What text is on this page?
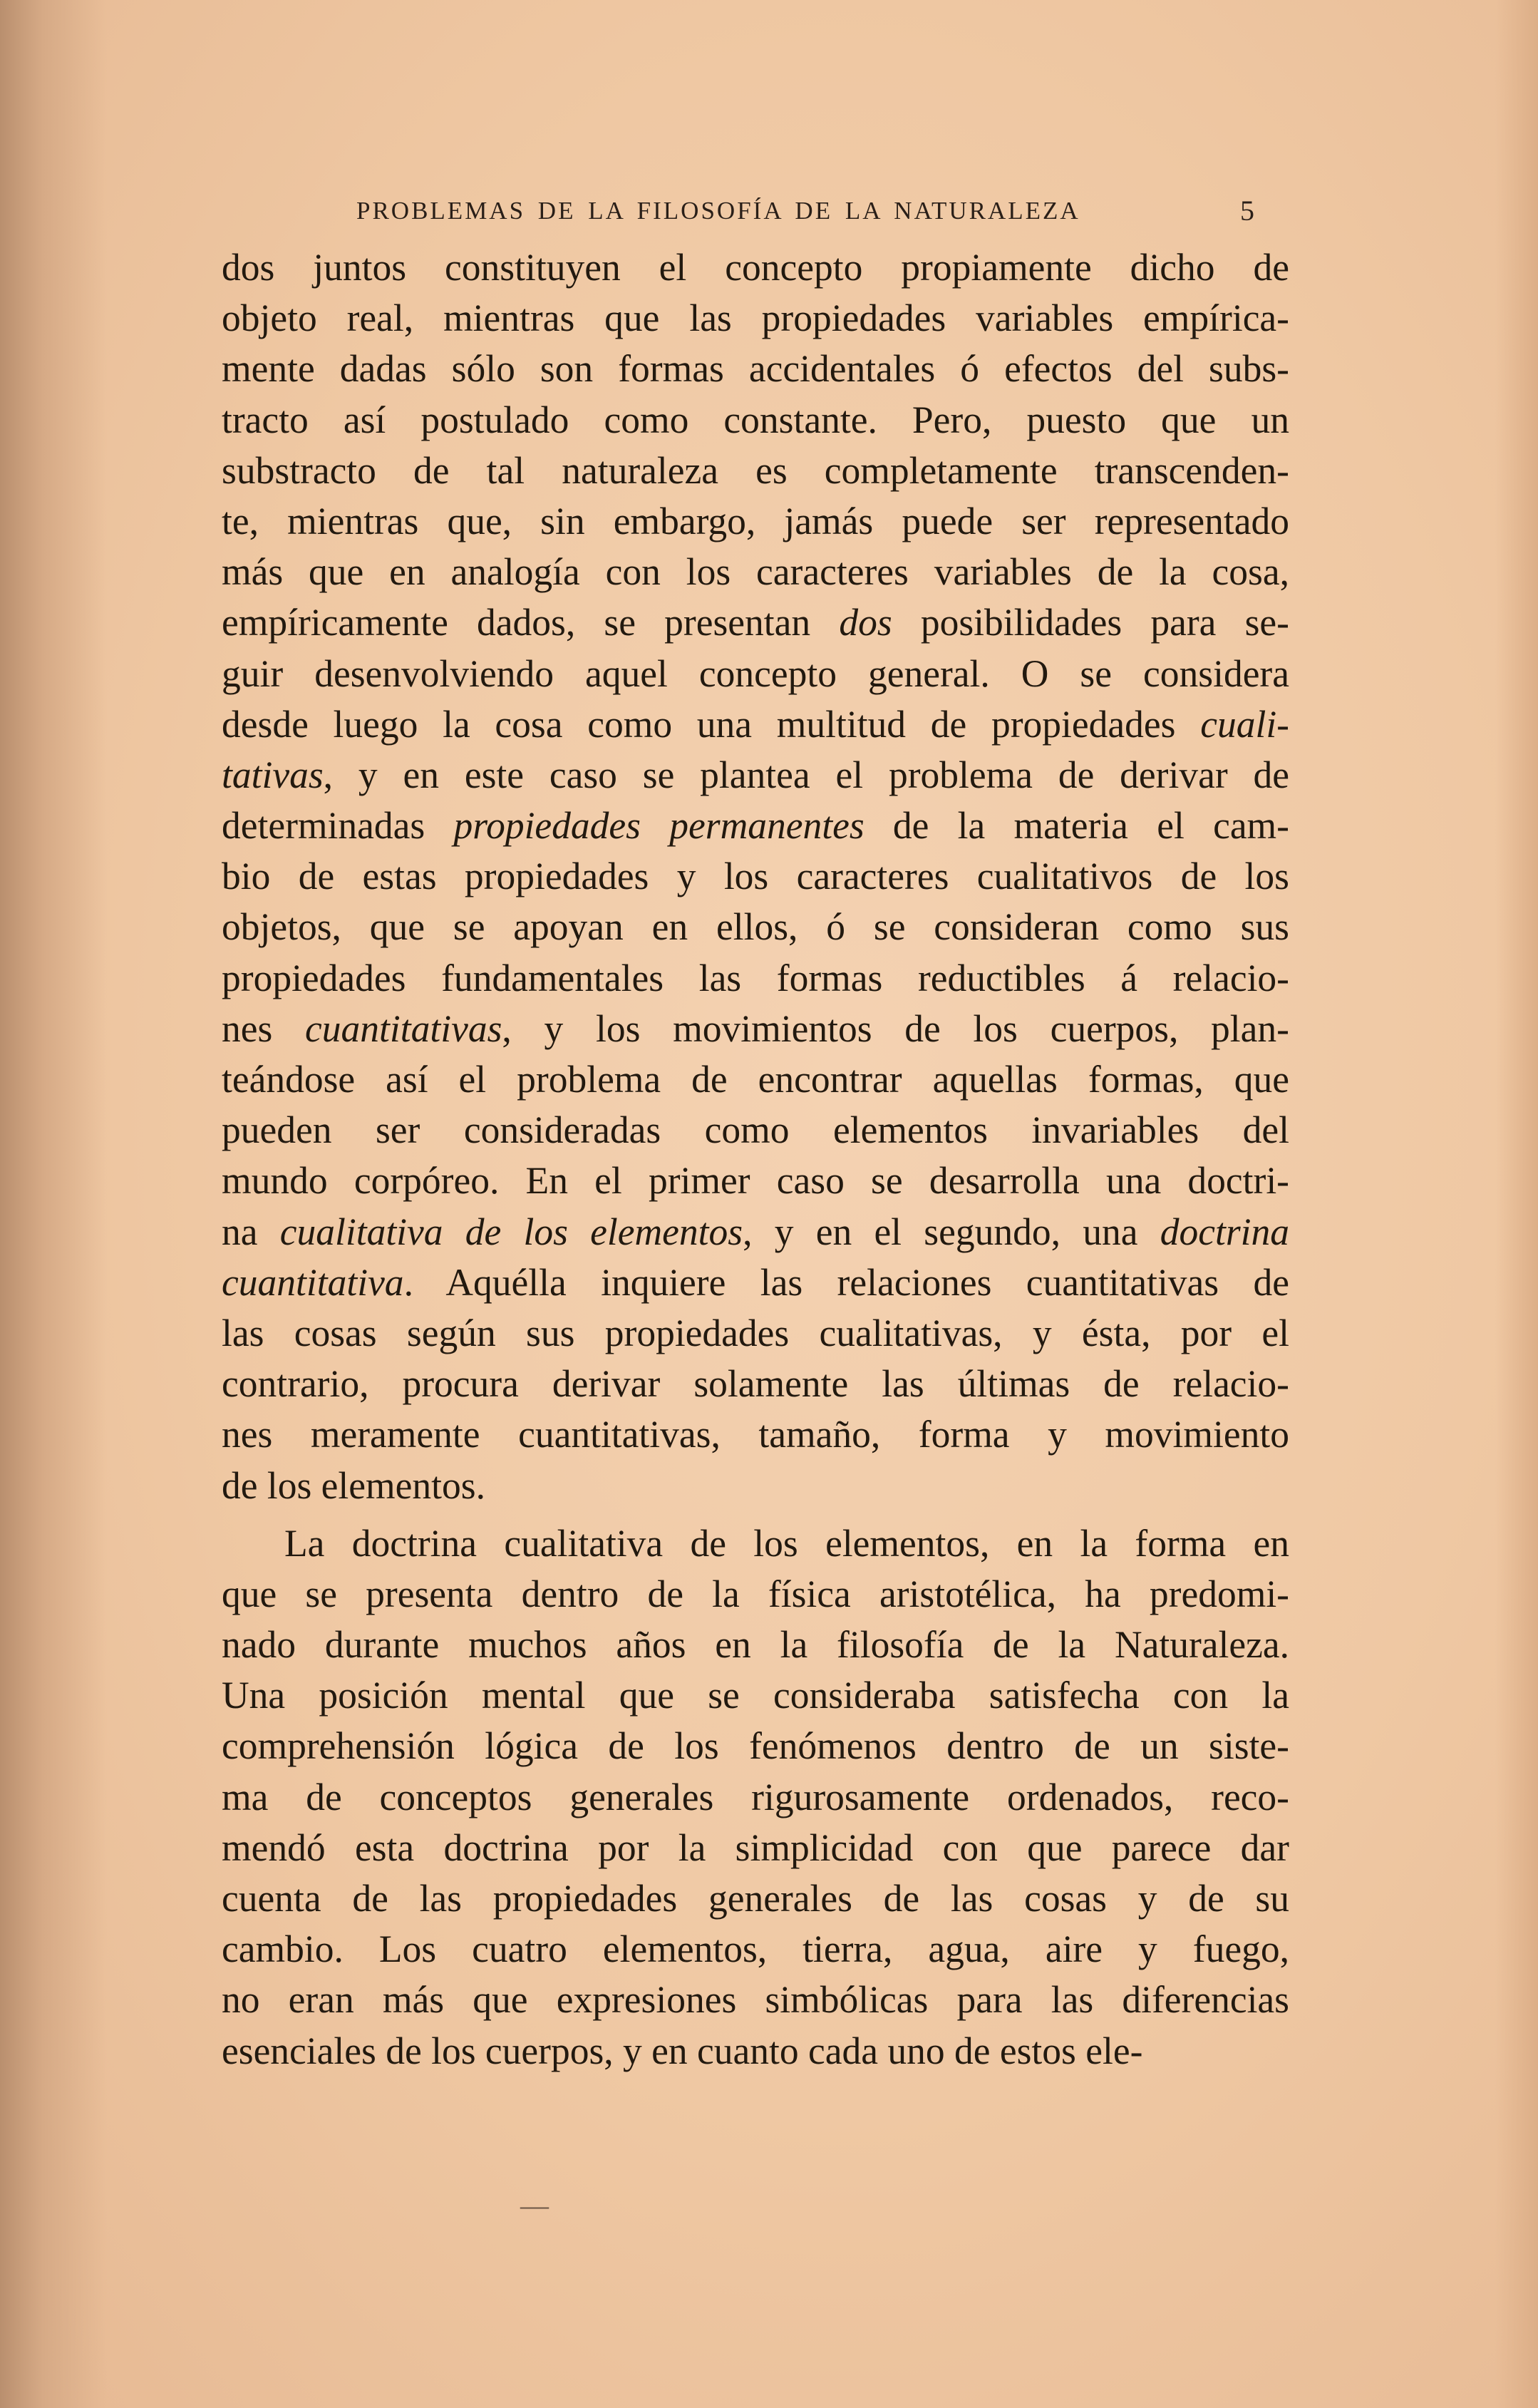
PROBLEMAS DE LA FILOSOFÍA DE LA NATURALEZA	5
dos juntos constituyen el concepto propiamente dicho de
objeto real, mientras que las propiedades variables empírica-
mente dadas sólo son formas accidentales ó efectos del subs-
tracto así postulado como constante. Pero, puesto que un
substracto de tal naturaleza es completamente transcenden-
te, mientras que, sin embargo, jamás puede ser representado
más que en analogía con los caracteres variables de la cosa,
empíricamente dados, se presentan dos posibilidades para se-
guir desenvolviendo aquel concepto general. O se considera
desde luego la cosa como una multitud de propiedades cuali-
tativas, y en este caso se plantea el problema de derivar de
determinadas propiedades permanentes de la materia el cam-
bio de estas propiedades y los caracteres cualitativos de los
objetos, que se apoyan en ellos, ó se consideran como sus
propiedades fundamentales las formas reductibles á relacio-
nes cuantitativas, y los movimientos de los cuerpos, plan-
teándose así el problema de encontrar aquellas formas, que
pueden ser consideradas como elementos invariables del
mundo corpóreo. En el primer caso se desarrolla una doctri-
na cualitativa de los elementos, y en el segundo, una doctrina
cuantitativa. Aquélla inquiere las relaciones cuantitativas de
las cosas según sus propiedades cualitativas, y ésta, por el
contrario, procura derivar solamente las últimas de relacio-
nes meramente cuantitativas, tamaño, forma y movimiento
de los elementos.
La doctrina cualitativa de los elementos, en la forma en
que se presenta dentro de la física aristotélica, ha predomi-
nado durante muchos años en la filosofía de la Naturaleza.
Una posición mental que se consideraba satisfecha con la
comprehensión lógica de los fenómenos dentro de un siste-
ma de conceptos generales rigurosamente ordenados, reco-
mendó esta doctrina por la simplicidad con que parece dar
cuenta de las propiedades generales de las cosas y de su
cambio. Los cuatro elementos, tierra, agua, aire y fuego,
no eran más que expresiones simbólicas para las diferencias
esenciales de los cuerpos, y en cuanto cada uno de estos ele-
—
